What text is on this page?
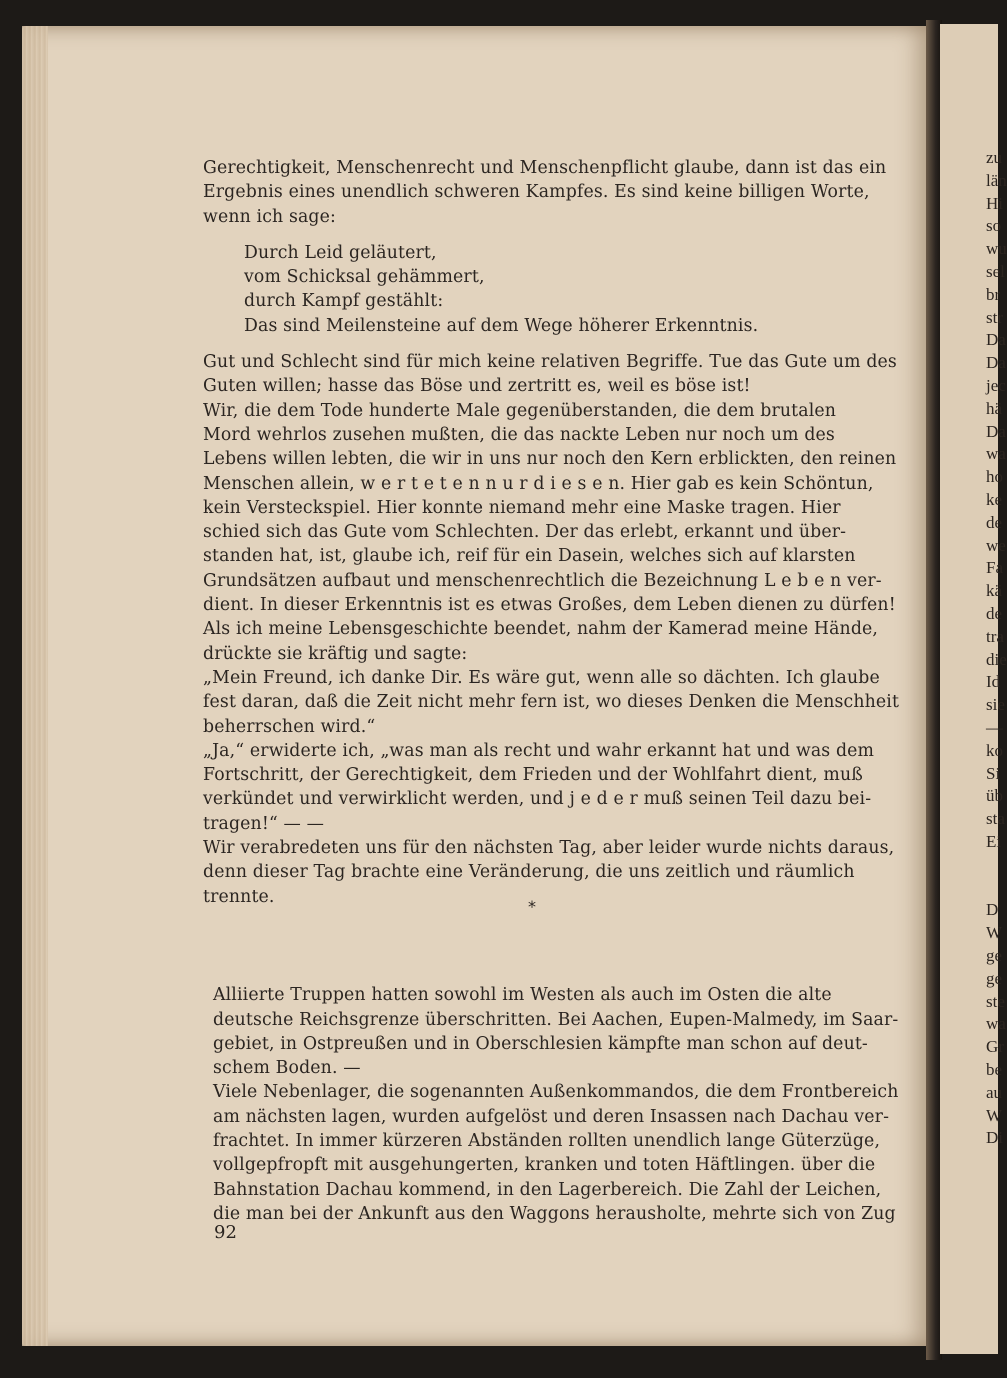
zu
län
Hi
so
wu
sel
br
str
Da
Da
jec
hä
Da
wa
ho
ke
de
we
Fa
kä
de
tra
die
Id
sie
—
ko
Si
üb
sta
Ei
D
W
ge
ge
ste
wa
Gr
be
au
W
Di

Gerechtigkeit, Menschenrecht und Menschenpflicht glaube, dann ist das ein
Ergebnis eines unendlich schweren Kampfes. Es sind keine billigen Worte,
wenn ich sage:

Durch Leid geläutert,
vom Schicksal gehämmert,
durch Kampf gestählt:
Das sind Meilensteine auf dem Wege höherer Erkenntnis.

Gut und Schlecht sind für mich keine relativen Begriffe. Tue das Gute um des
Guten willen; hasse das Böse und zertritt es, weil es böse ist!
Wir, die dem Tode hunderte Male gegenüberstanden, die dem brutalen
Mord wehrlos zusehen mußten, die das nackte Leben nur noch um des
Lebens willen lebten, die wir in uns nur noch den Kern erblickten, den reinen
Menschen allein, w e r t e t e n n u r d i e s e n. Hier gab es kein Schöntun,
kein Versteckspiel. Hier konnte niemand mehr eine Maske tragen. Hier
schied sich das Gute vom Schlechten. Der das erlebt, erkannt und über-
standen hat, ist, glaube ich, reif für ein Dasein, welches sich auf klarsten
Grundsätzen aufbaut und menschenrechtlich die Bezeichnung L e b e n ver-
dient. In dieser Erkenntnis ist es etwas Großes, dem Leben dienen zu dürfen!
Als ich meine Lebensgeschichte beendet, nahm der Kamerad meine Hände,
drückte sie kräftig und sagte:
„Mein Freund, ich danke Dir. Es wäre gut, wenn alle so dächten. Ich glaube
fest daran, daß die Zeit nicht mehr fern ist, wo dieses Denken die Menschheit
beherrschen wird.“
„Ja,“ erwiderte ich, „was man als recht und wahr erkannt hat und was dem
Fortschritt, der Gerechtigkeit, dem Frieden und der Wohlfahrt dient, muß
verkündet und verwirklicht werden, und j e d e r muß seinen Teil dazu bei-
tragen!“ — —
Wir verabredeten uns für den nächsten Tag, aber leider wurde nichts daraus,
denn dieser Tag brachte eine Veränderung, die uns zeitlich und räumlich
trennte.	*

Alliierte Truppen hatten sowohl im Westen als auch im Osten die alte
deutsche Reichsgrenze überschritten. Bei Aachen, Eupen-Malmedy, im Saar-
gebiet, in Ostpreußen und in Oberschlesien kämpfte man schon auf deut-
schem Boden. —
Viele Nebenlager, die sogenannten Außenkommandos, die dem Frontbereich
am nächsten lagen, wurden aufgelöst und deren Insassen nach Dachau ver-
frachtet. In immer kürzeren Abständen rollten unendlich lange Güterzüge,
vollgepfropft mit ausgehungerten, kranken und toten Häftlingen. über die
Bahnstation Dachau kommend, in den Lagerbereich. Die Zahl der Leichen,
die man bei der Ankunft aus den Waggons herausholte, mehrte sich von Zug

92
